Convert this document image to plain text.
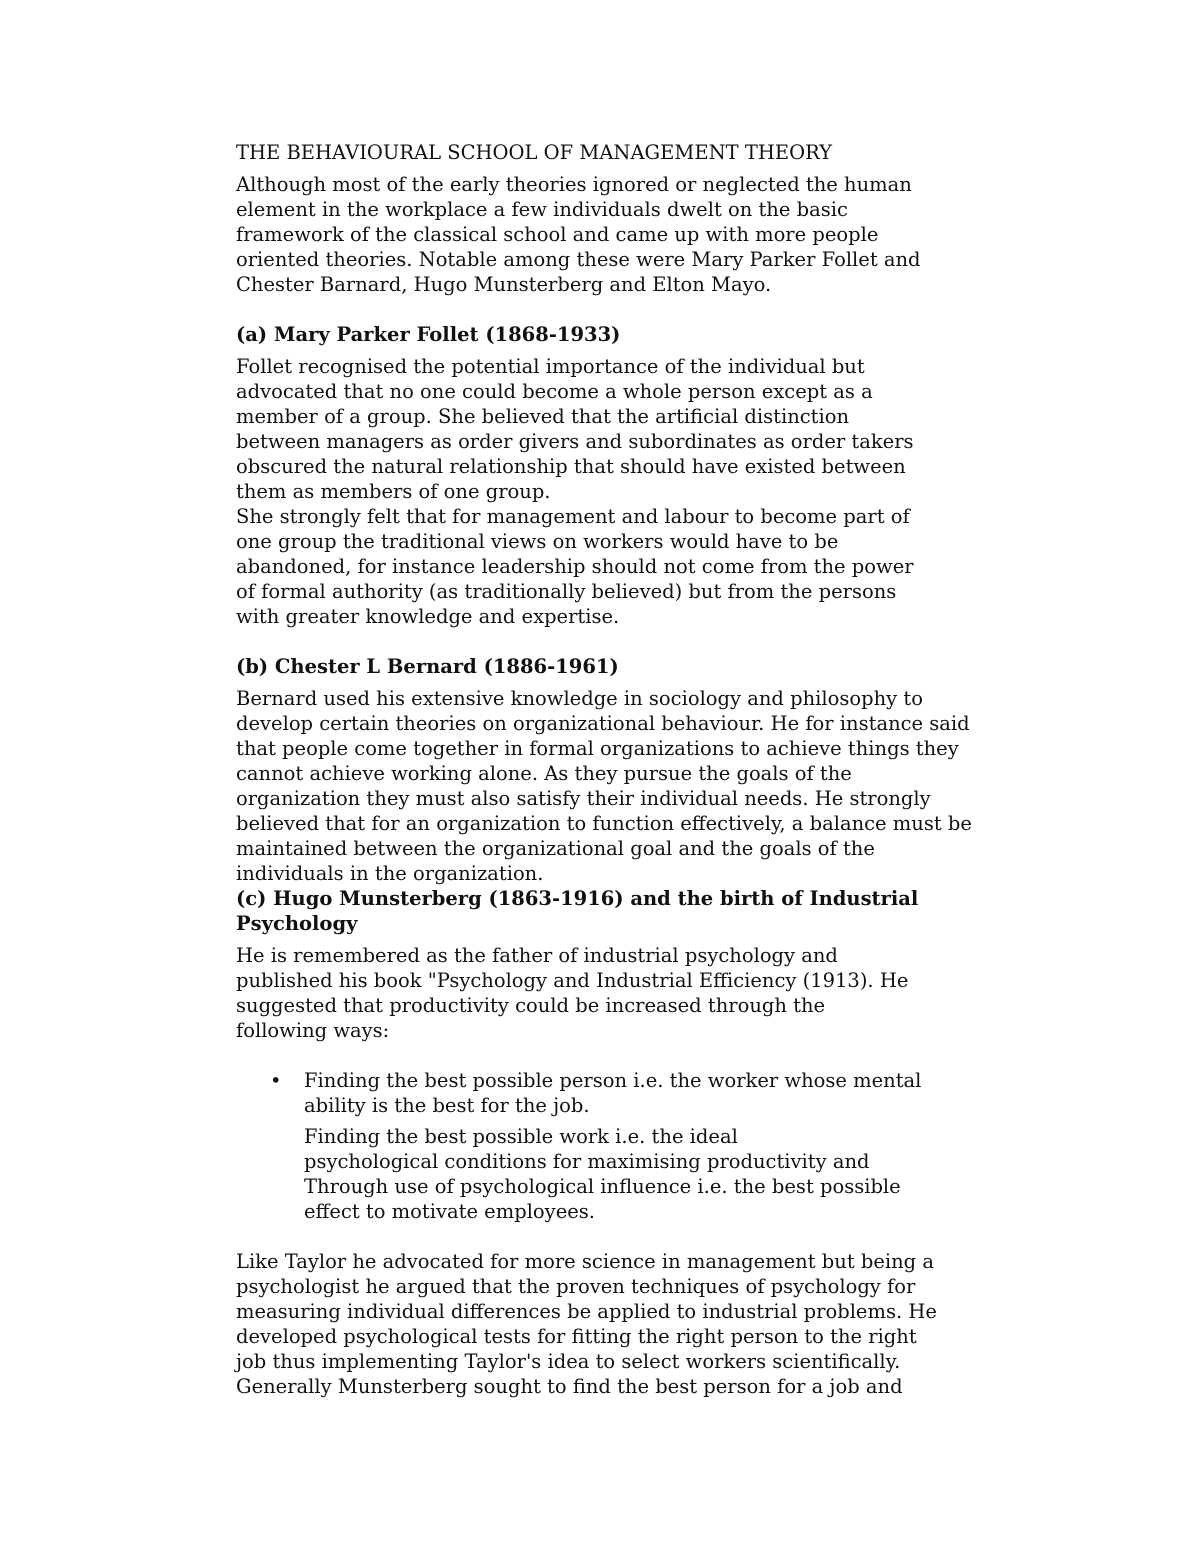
THE BEHAVIOURAL SCHOOL OF MANAGEMENT THEORY
Although most of the early theories ignored or neglected the human
element in the workplace a few individuals dwelt on the basic
framework of the classical school and came up with more people
oriented theories. Notable among these were Mary Parker Follet and
Chester Barnard, Hugo Munsterberg and Elton Mayo.
(a) Mary Parker Follet (1868-1933)
Follet recognised the potential importance of the individual but
advocated that no one could become a whole person except as a
member of a group. She believed that the artificial distinction
between managers as order givers and subordinates as order takers
obscured the natural relationship that should have existed between
them as members of one group.
She strongly felt that for management and labour to become part of
one group the traditional views on workers would have to be
abandoned, for instance leadership should not come from the power
of formal authority (as traditionally believed) but from the persons
with greater knowledge and expertise.
(b) Chester L Bernard (1886-1961)
Bernard used his extensive knowledge in sociology and philosophy to
develop certain theories on organizational behaviour. He for instance said
that people come together in formal organizations to achieve things they
cannot achieve working alone. As they pursue the goals of the
organization they must also satisfy their individual needs. He strongly
believed that for an organization to function effectively, a balance must be
maintained between the organizational goal and the goals of the
individuals in the organization.
(c) Hugo Munsterberg (1863-1916) and the birth of Industrial
Psychology
He is remembered as the father of industrial psychology and
published his book "Psychology and Industrial Efficiency (1913). He
suggested that productivity could be increased through the
following ways:
• Finding the best possible person i.e. the worker whose mental
ability is the best for the job.
Finding the best possible work i.e. the ideal
psychological conditions for maximising productivity and
Through use of psychological influence i.e. the best possible
effect to motivate employees.
Like Taylor he advocated for more science in management but being a
psychologist he argued that the proven techniques of psychology for
measuring individual differences be applied to industrial problems. He
developed psychological tests for fitting the right person to the right
job thus implementing Taylor's idea to select workers scientifically.
Generally Munsterberg sought to find the best person for a job and
